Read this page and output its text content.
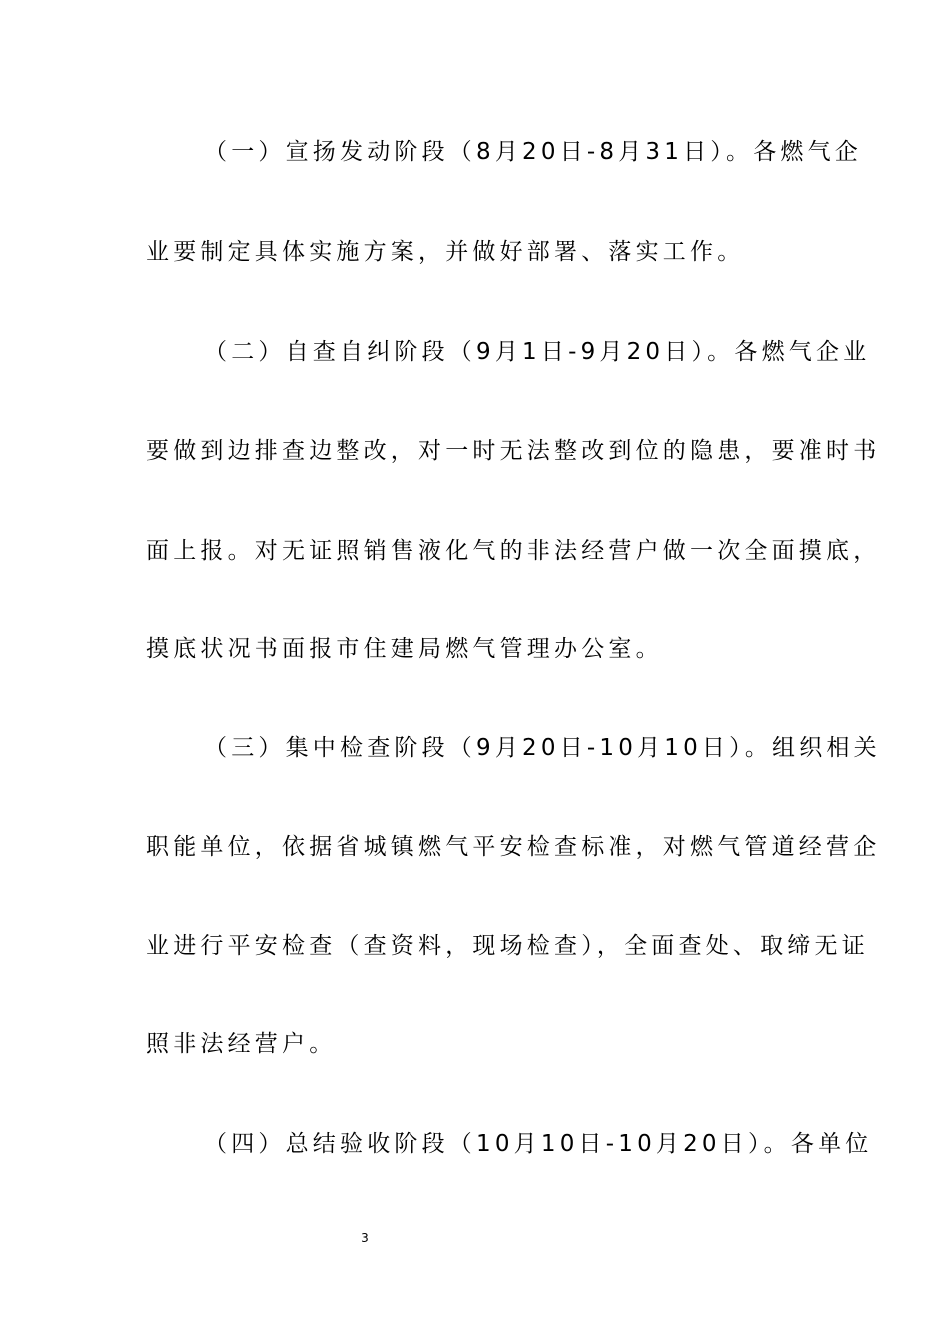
（一）宣扬发动阶段（8月20日-8月31日）。各燃气企
业要制定具体实施方案，并做好部署、落实工作。
（二）自查自纠阶段（9月1日-9月20日）。各燃气企业
要做到边排查边整改，对一时无法整改到位的隐患，要准时书
面上报。对无证照销售液化气的非法经营户做一次全面摸底，
摸底状况书面报市住建局燃气管理办公室。
（三）集中检查阶段（9月20日-10月10日）。组织相关
职能单位，依据省城镇燃气平安检查标准，对燃气管道经营企
业进行平安检查（查资料，现场检查），全面查处、取缔无证
照非法经营户。
（四）总结验收阶段（10月10日-10月20日）。各单位
3
